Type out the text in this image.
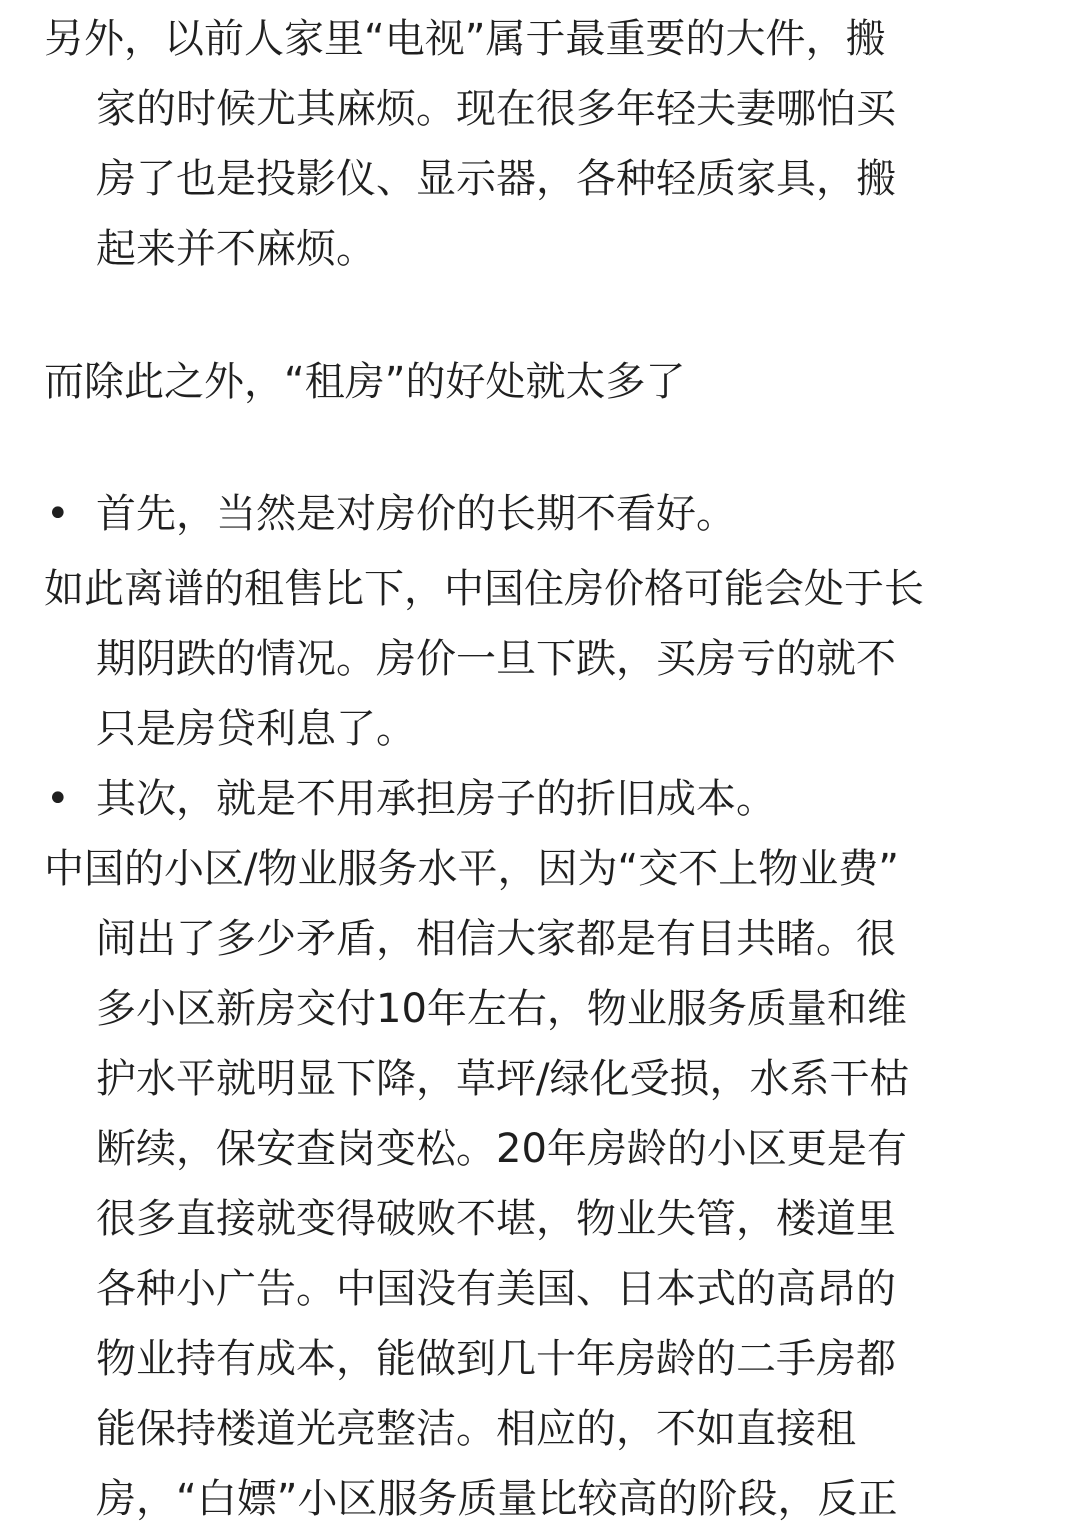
另外，以前人家里“电视”属于最重要的大件，搬
家的时候尤其麻烦。现在很多年轻夫妻哪怕买
房了也是投影仪、显示器，各种轻质家具，搬
起来并不麻烦。
而除此之外，“租房”的好处就太多了
• 首先，当然是对房价的长期不看好。
如此离谱的租售比下，中国住房价格可能会处于长
期阴跌的情况。房价一旦下跌，买房亏的就不
只是房贷利息了。
• 其次，就是不用承担房子的折旧成本。
中国的小区/物业服务水平，因为“交不上物业费”
闹出了多少矛盾，相信大家都是有目共睹。很
多小区新房交付10年左右，物业服务质量和维
护水平就明显下降，草坪/绿化受损，水系干枯
断续，保安查岗变松。20年房龄的小区更是有
很多直接就变得破败不堪，物业失管，楼道里
各种小广告。中国没有美国、日本式的高昂的
物业持有成本，能做到几十年房龄的二手房都
能保持楼道光亮整洁。相应的，不如直接租
房，“白嫖”小区服务质量比较高的阶段，反正
